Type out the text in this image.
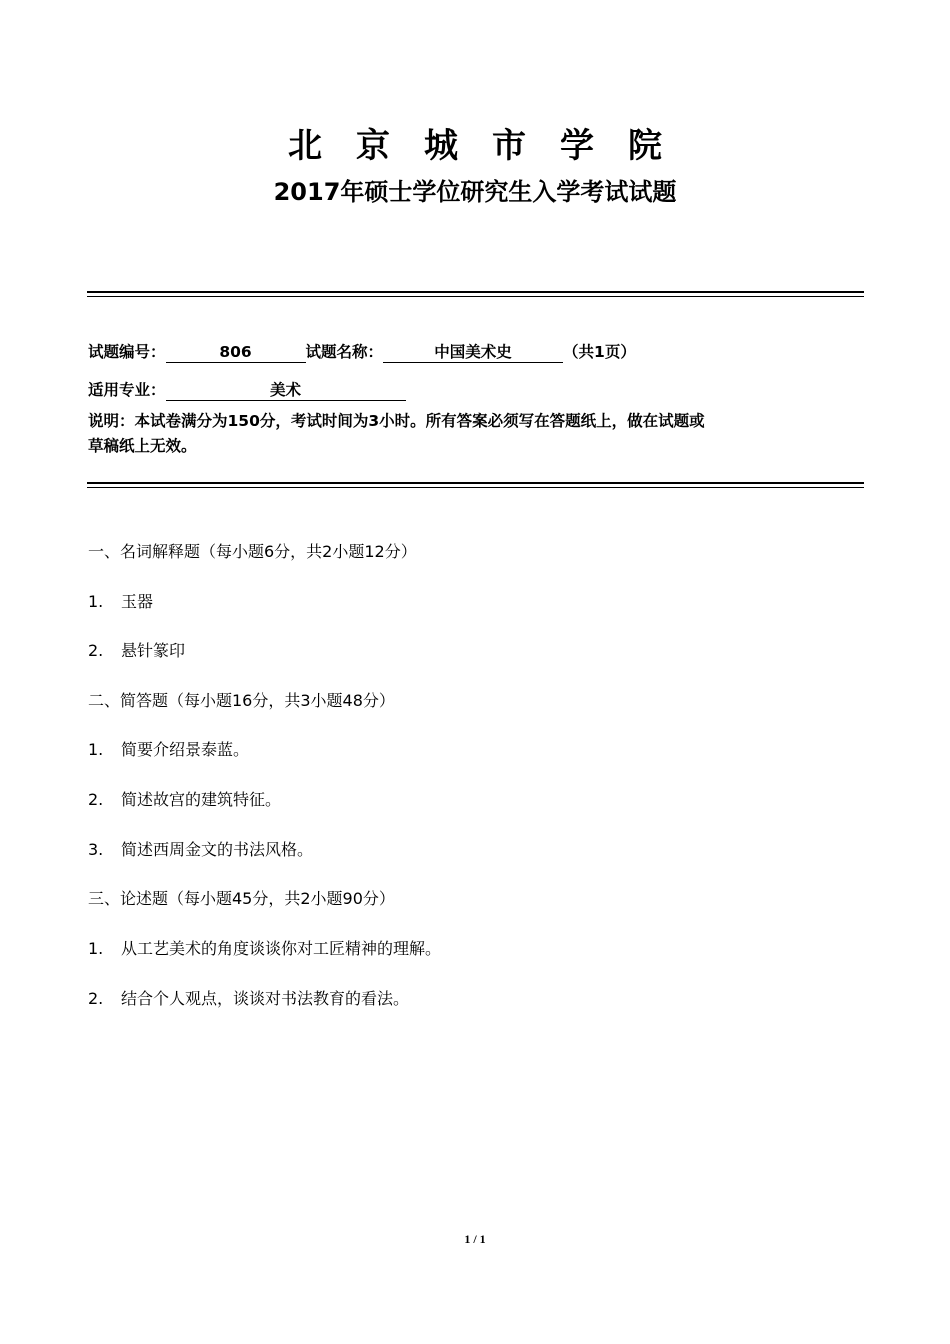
北京城市学院
2017年硕士学位研究生入学考试试题
试题编号：	806	试题名称：	中国美术史	（共1页）
适用专业：	美术
说明：本试卷满分为150分，考试时间为3小时。所有答案必须写在答题纸上，做在试题或
草稿纸上无效。
一、名词解释题（每小题6分，共2小题12分）
1. 玉器
2. 悬针篆印
二、简答题（每小题16分，共3小题48分）
1. 简要介绍景泰蓝。
2. 简述故宫的建筑特征。
3. 简述西周金文的书法风格。
三、论述题（每小题45分，共2小题90分）
1. 从工艺美术的角度谈谈你对工匠精神的理解。
2. 结合个人观点，谈谈对书法教育的看法。
1 / 1
